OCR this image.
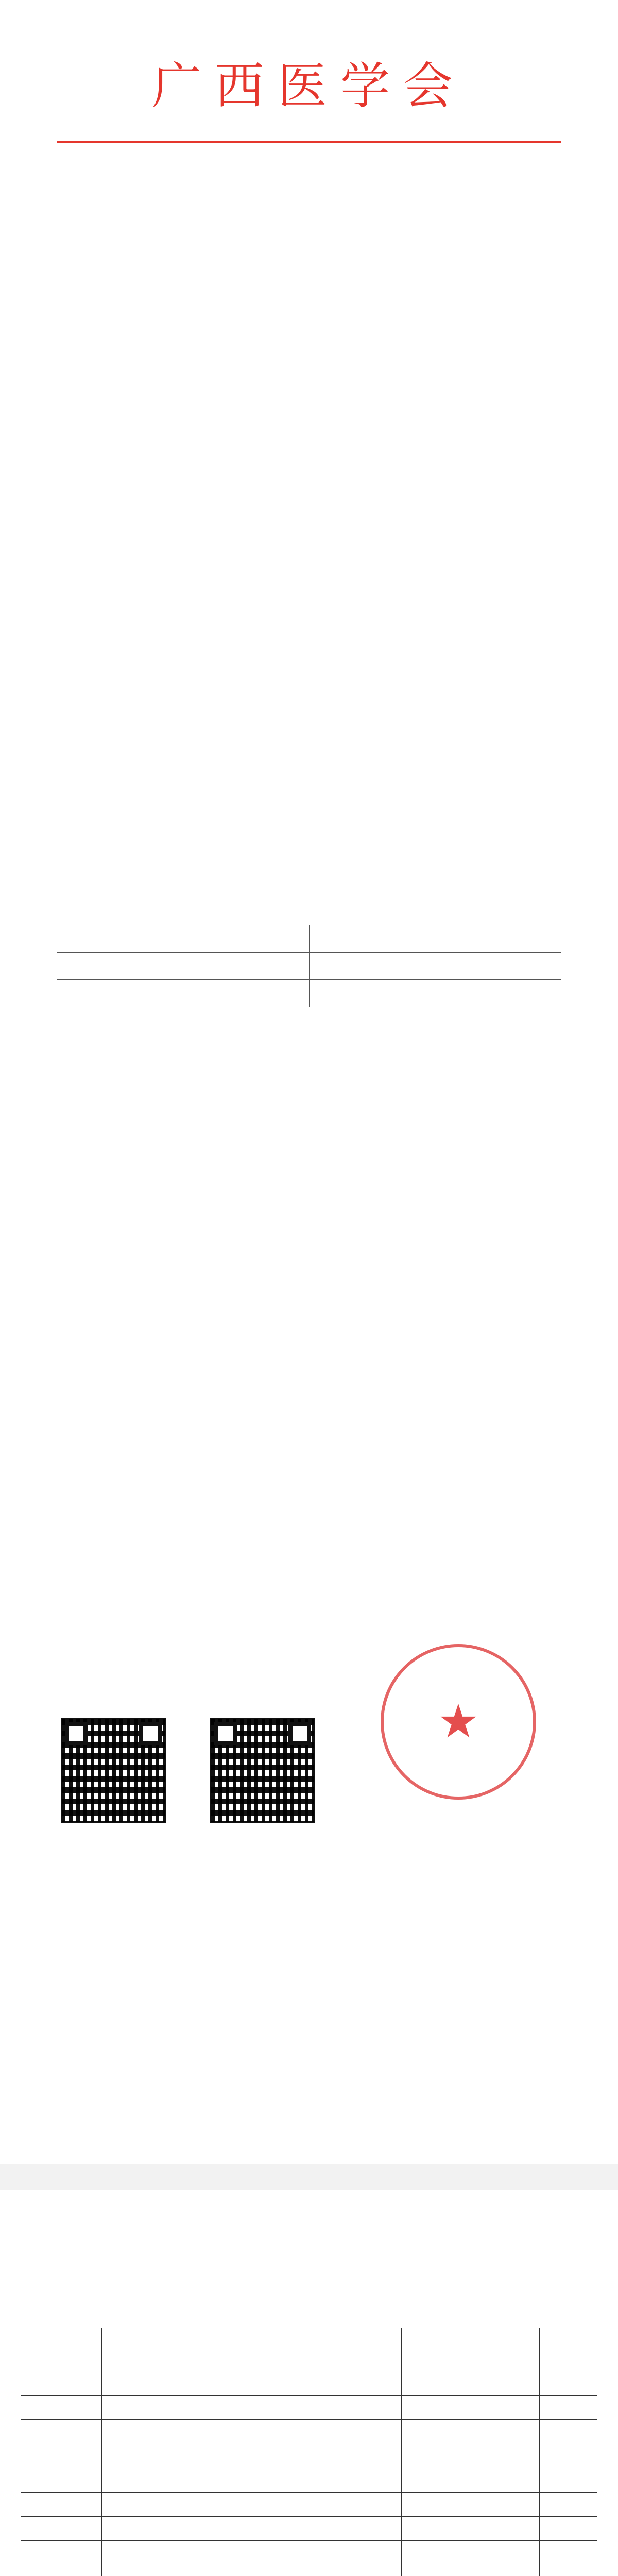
广西医学会

★
